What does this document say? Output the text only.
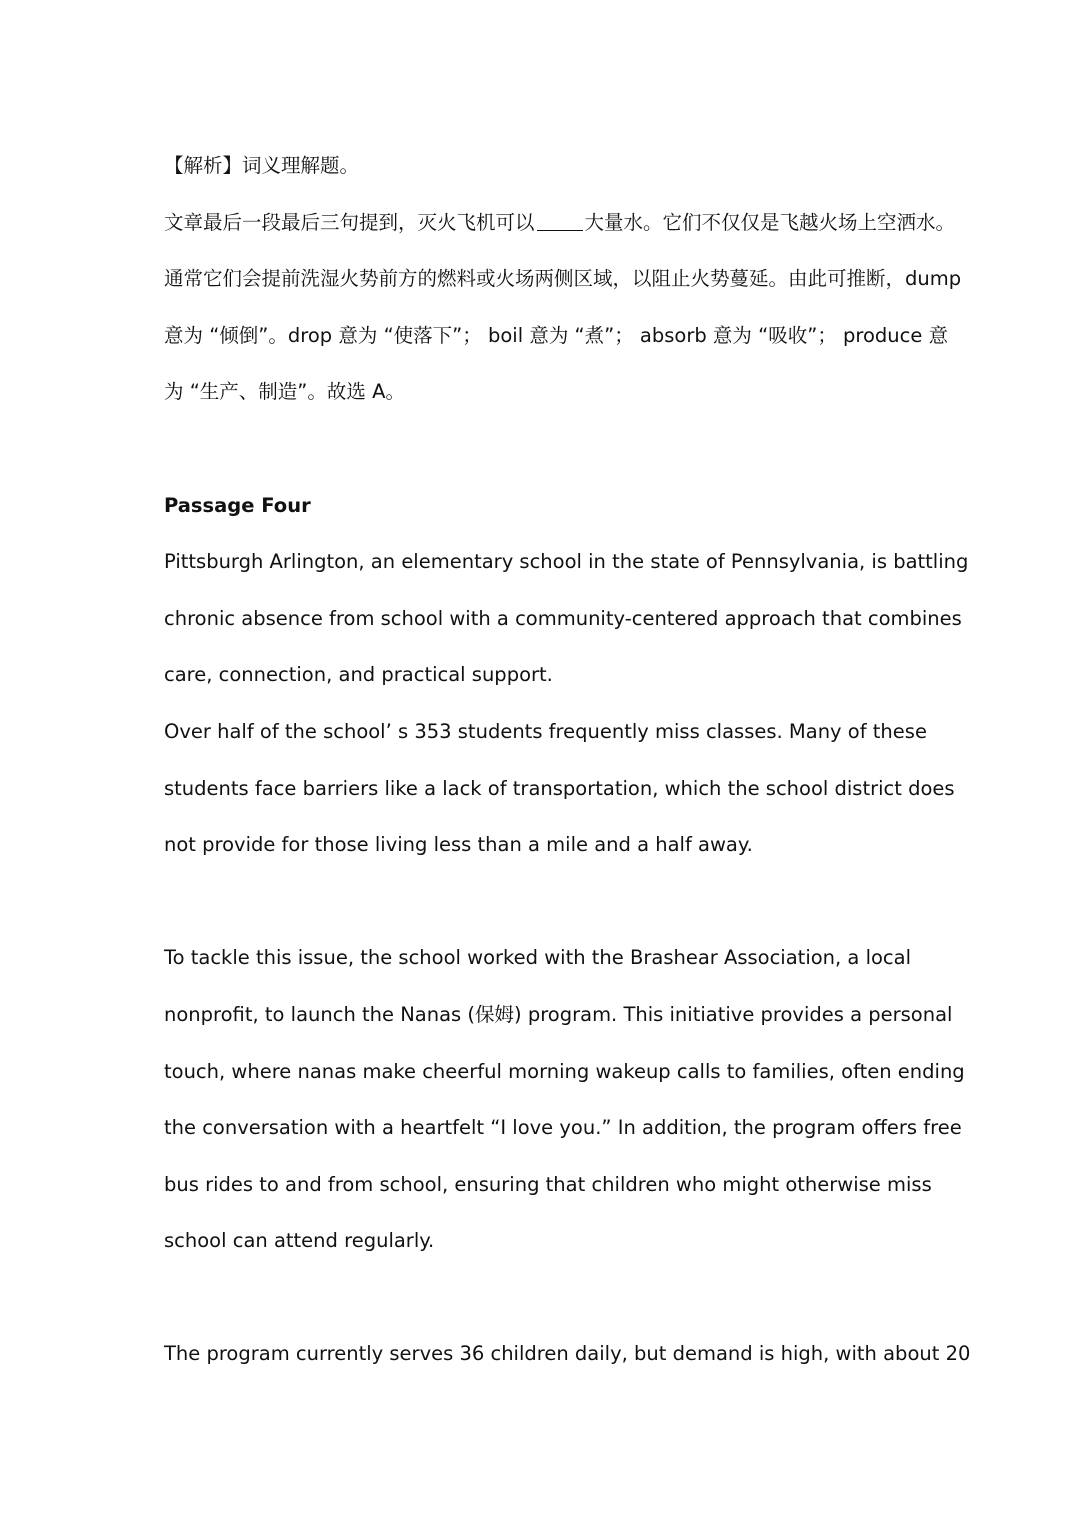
【解析】词义理解题。

文章最后一段最后三句提到，灭火飞机可以	大量水。它们不仅仅是飞越火场上空洒水。

通常它们会提前洗湿火势前方的燃料或火场两侧区域，以阻止火势蔓延。由此可推断，dump

意为 “倾倒”。drop 意为 “使落下”； boil 意为 “煮”； absorb 意为 “吸收”； produce 意

为 “生产、制造”。故选 A。

Passage Four

Pittsburgh Arlington, an elementary school in the state of Pennsylvania, is battling

chronic absence from school with a community-centered approach that combines

care, connection, and practical support.

Over half of the school’ s 353 students frequently miss classes. Many of these

students face barriers like a lack of transportation, which the school district does

not provide for those living less than a mile and a half away.

To tackle this issue, the school worked with the Brashear Association, a local

nonprofit, to launch the Nanas (保姆) program. This initiative provides a personal

touch, where nanas make cheerful morning wakeup calls to families, often ending

the conversation with a heartfelt “I love you.” In addition, the program offers free

bus rides to and from school, ensuring that children who might otherwise miss

school can attend regularly.

The program currently serves 36 children daily, but demand is high, with about 20
